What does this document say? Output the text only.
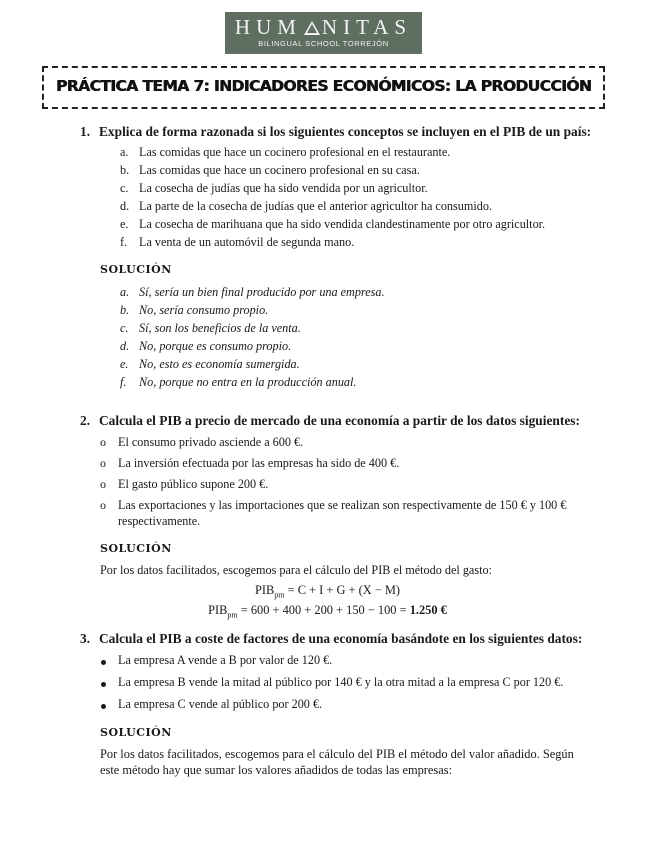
HUM NITAS
BILINGUAL SCHOOL TORREJÓN
PRÁCTICA TEMA 7: INDICADORES ECONÓMICOS: LA PRODUCCIÓN
1. Explica de forma razonada si los siguientes conceptos se incluyen en el PIB de un país:
a. Las comidas que hace un cocinero profesional en el restaurante.
b. Las comidas que hace un cocinero profesional en su casa.
c. La cosecha de judías que ha sido vendida por un agricultor.
d. La parte de la cosecha de judías que el anterior agricultor ha consumido.
e. La cosecha de marihuana que ha sido vendida clandestinamente por otro agricultor.
f. La venta de un automóvil de segunda mano.
SOLUCIÓN
a. Sí, sería un bien final producido por una empresa.
b. No, sería consumo propio.
c. Sí, son los beneficios de la venta.
d. No, porque es consumo propio.
e. No, esto es economía sumergida.
f. No, porque no entra en la producción anual.
2. Calcula el PIB a precio de mercado de una economía a partir de los datos siguientes:
o El consumo privado asciende a 600 €.
o La inversión efectuada por las empresas ha sido de 400 €.
o El gasto público supone 200 €.
o Las exportaciones y las importaciones que se realizan son respectivamente de 150 € y 100 €
respectivamente.
SOLUCIÓN
Por los datos facilitados, escogemos para el cálculo del PIB el método del gasto:
$PIB_{pm} = C + I + G + (X - M)$
$PIB_{pm} = 600 + 400 + 200 + 150 - 100 = 1.250$ €
3. Calcula el PIB a coste de factores de una economía basándote en los siguientes datos:
La empresa A vende a B por valor de 120 €.
La empresa B vende la mitad al público por 140 € y la otra mitad a la empresa C por 120 €.
La empresa C vende al público por 200 €.
SOLUCIÓN
Por los datos facilitados, escogemos para el cálculo del PIB el método del valor añadido. Según
este método hay que sumar los valores añadidos de todas las empresas:
